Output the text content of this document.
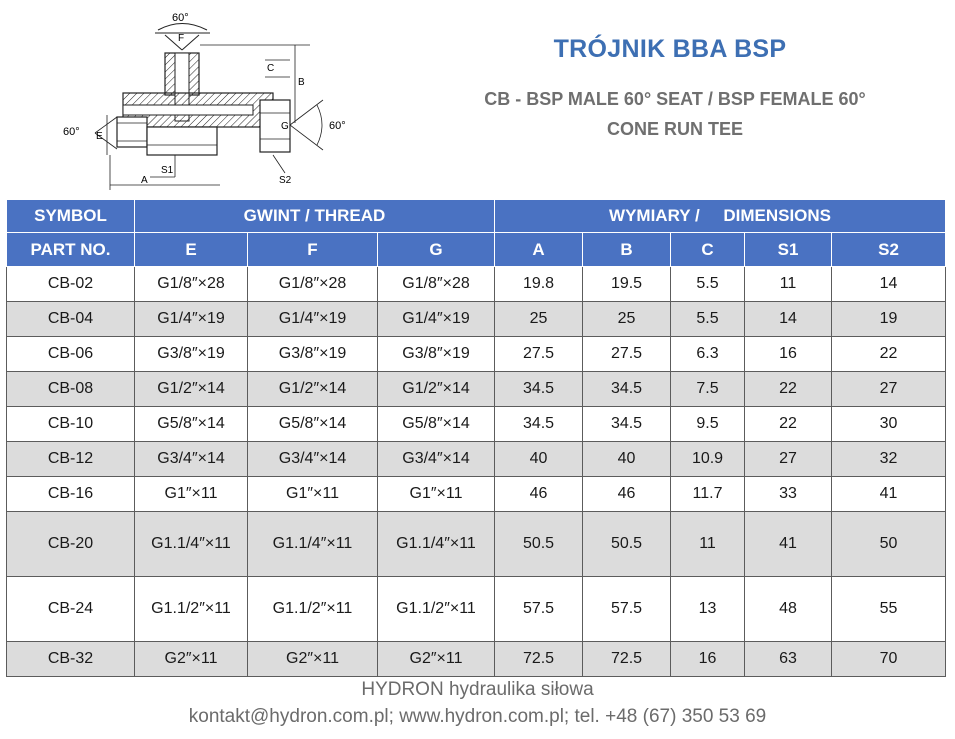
60°
F
C
B
G	60°
60° E
A
S1
S2
TRÓJNIK BBA BSP
CB - BSP MALE 60° SEAT / BSP FEMALE 60°
CONE RUN TEE
SYMBOL	GWINT / THREAD			WYMIARY / DIMENSIONS				
PART NO.	E	F	G	A	B	C	S1	S2
CB-02	G1/8″×28	G1/8″×28	G1/8″×28	19.8	19.5	5.5	11	14
CB-04	G1/4″×19	G1/4″×19	G1/4″×19	25	25	5.5	14	19
CB-06	G3/8″×19	G3/8″×19	G3/8″×19	27.5	27.5	6.3	16	22
CB-08	G1/2″×14	G1/2″×14	G1/2″×14	34.5	34.5	7.5	22	27
CB-10	G5/8″×14	G5/8″×14	G5/8″×14	34.5	34.5	9.5	22	30
CB-12	G3/4″×14	G3/4″×14	G3/4″×14	40	40	10.9	27	32
CB-16	G1″×11	G1″×11	G1″×11	46	46	11.7	33	41
CB-20	G1.1/4″×11	G1.1/4″×11	G1.1/4″×11	50.5	50.5	11	41	50
CB-24	G1.1/2″×11	G1.1/2″×11	G1.1/2″×11	57.5	57.5	13	48	55
CB-32	G2″×11	G2″×11	G2″×11	72.5	72.5	16	63	70
HYDRON hydraulika siłowa
kontakt@hydron.com.pl; www.hydron.com.pl; tel. +48 (67) 350 53 69
